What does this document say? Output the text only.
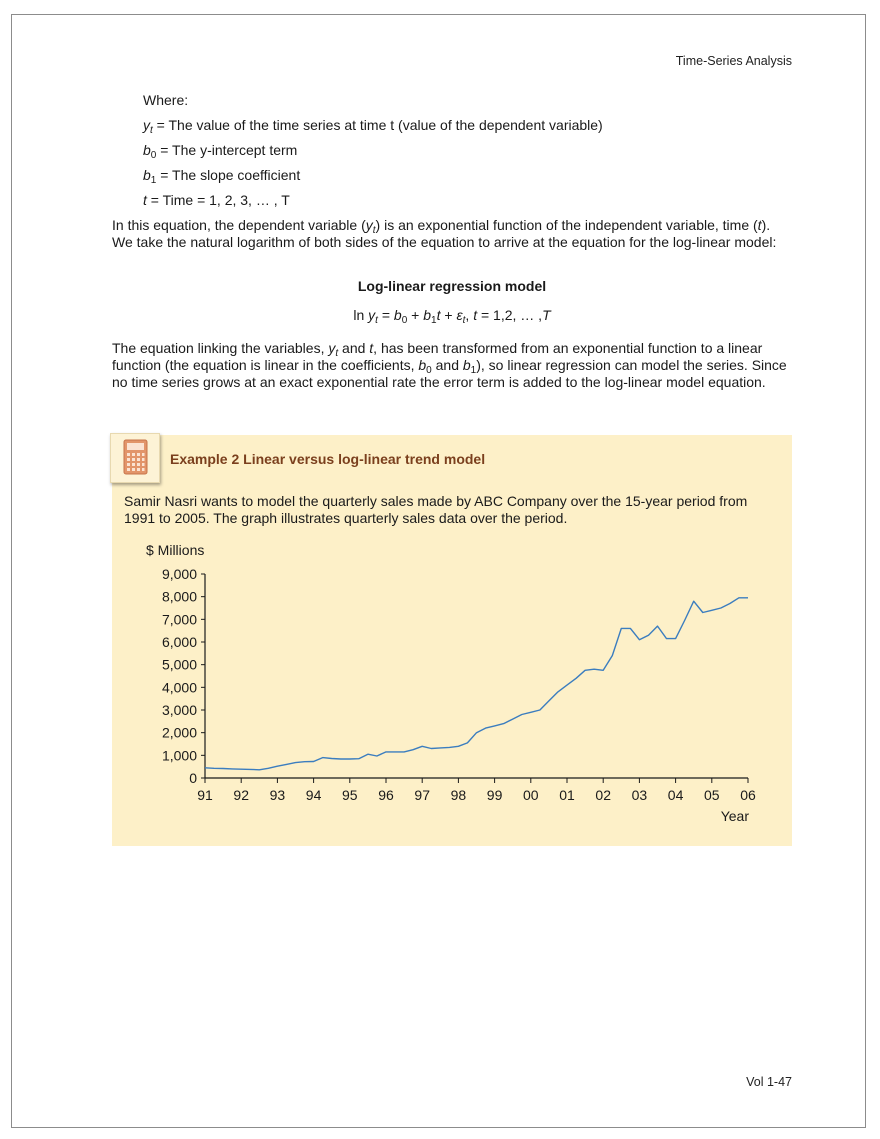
Time-Series Analysis
Where:
$y_t$ = The value of the time series at time t (value of the dependent variable)
$b_0$ = The y-intercept term
$b_1$ = The slope coefficient
t = Time = 1, 2, 3, … , T
In this equation, the dependent variable $(y_t)$ is an exponential function of the independent variable, time (t).
We take the natural logarithm of both sides of the equation to arrive at the equation for the log-linear model:
Log-linear regression model
$\ln y_t = b_0 + b_1t + \varepsilon_t$, t = 1,2, … ,T
The equation linking the variables, $y_t$ and t, has been transformed from an exponential function to a linear function (the equation is linear in the coefficients, $b_0$ and $b_1$), so linear regression can model the series. Since no time series grows at an exact exponential rate the error term is added to the log-linear model equation.
Example 2 Linear versus log-linear trend model
Samir Nasri wants to model the quarterly sales made by ABC Company over the 15-year period from 1991 to 2005. The graph illustrates quarterly sales data over the period.
$ Millions
Year
0
1,000
2,000
3,000
4,000
5,000
6,000
7,000
8,000
9,000
91 92 93 94 95 96 97 98 99 00 01 02 03 04 05 06
Vol 1-47
